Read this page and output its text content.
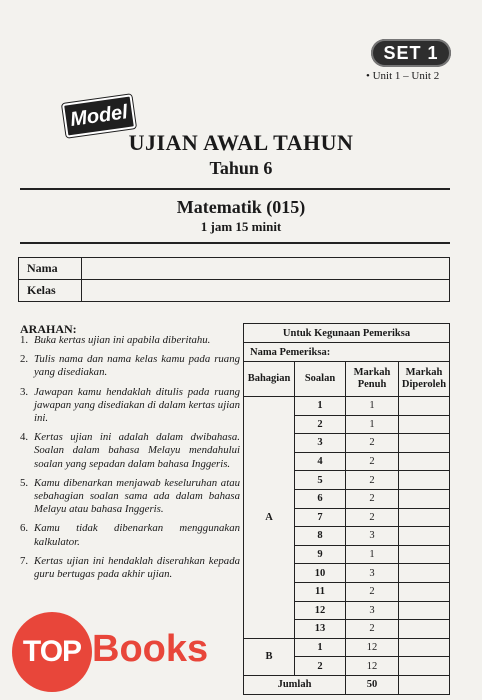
SET 1
• Unit 1 – Unit 2
Model
UJIAN AWAL TAHUN
Tahun 6
Matematik (015)
1 jam 15 minit
Nama	
Kelas	
ARAHAN:
1. Buka kertas ujian ini apabila diberitahu.
2. Tulis nama dan nama kelas kamu pada ruang yang disediakan.
3. Jawapan kamu hendaklah ditulis pada ruang jawapan yang disediakan di dalam kertas ujian ini.
4. Kertas ujian ini adalah dalam dwibahasa. Soalan dalam bahasa Melayu mendahului soalan yang sepadan dalam bahasa Inggeris.
5. Kamu dibenarkan menjawab keseluruhan atau sebahagian soalan sama ada dalam bahasa Melayu atau bahasa Inggeris.
6. Kamu tidak dibenarkan menggunakan kalkulator.
7. Kertas ujian ini hendaklah diserahkan kepada guru bertugas pada akhir ujian.
Untuk Kegunaan Pemeriksa			
Nama Pemeriksa:			
Bahagian	Soalan	Markah Penuh	Markah Diperoleh
A	1	1	
	2	1	
	3	2	
	4	2	
	5	2	
	6	2	
	7	2	
	8	3	
	9	1	
	10	3	
	11	2	
	12	3	
	13	2	
B	1	12	
	2	12	
Jumlah		50	
TOP Books
